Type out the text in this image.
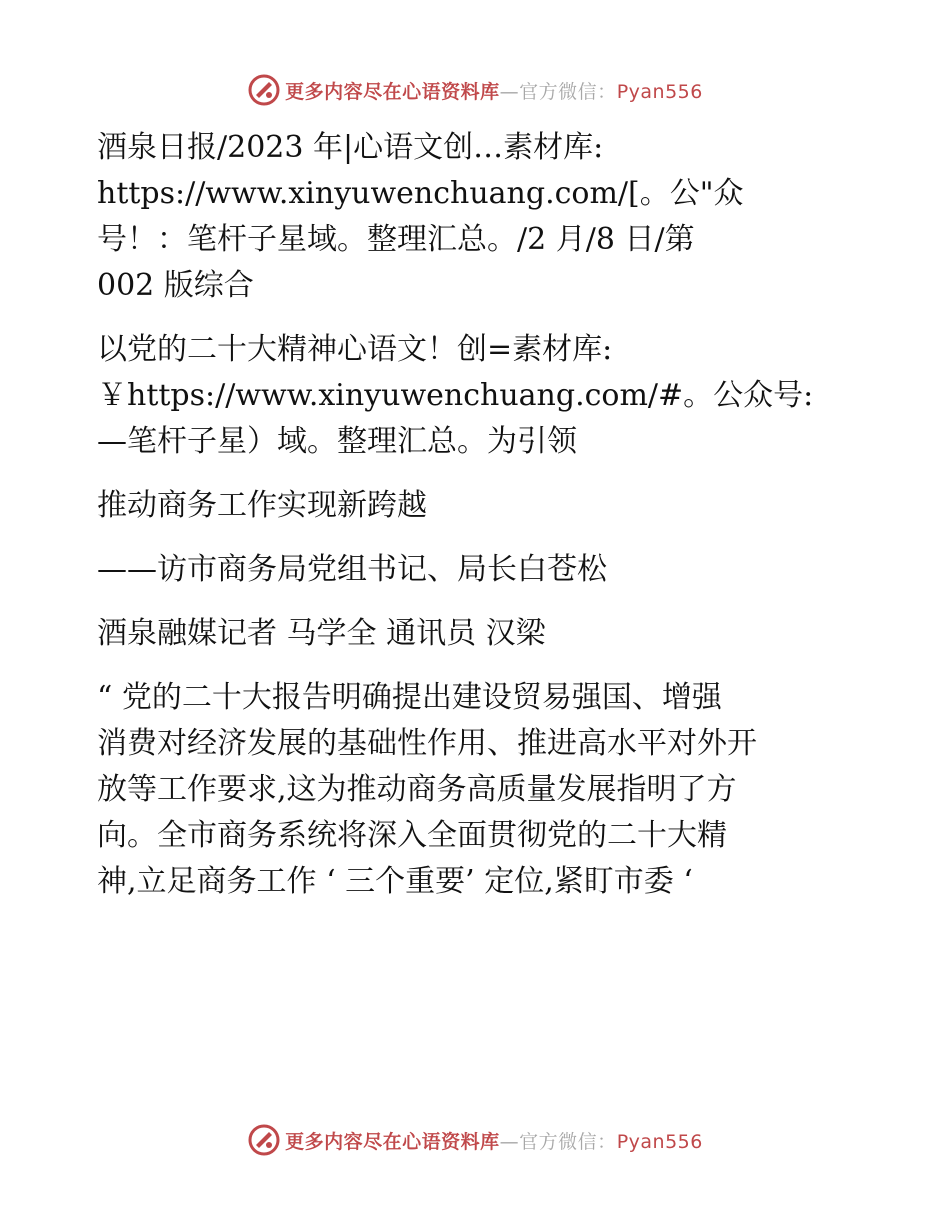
更多内容尽在心语资料库—官方微信：Pyan556

酒泉日报/2023 年|心语文创…素材库:
https://www.xinyuwenchuang.com/[。公"众
号！：笔杆子星域。整理汇总。/2 月/8 日/第
002 版综合

以党的二十大精神心语文！创=素材库:
￥https://www.xinyuwenchuang.com/#。公众号:
—笔杆子星）域。整理汇总。为引领

推动商务工作实现新跨越

——访市商务局党组书记、局长白苍松

酒泉融媒记者 马学全 通讯员 汉梁

“ 党的二十大报告明确提出建设贸易强国、增强
消费对经济发展的基础性作用、推进高水平对外开
放等工作要求,这为推动商务高质量发展指明了方
向。全市商务系统将深入全面贯彻党的二十大精
神,立足商务工作 ‘ 三个重要’ 定位,紧盯市委 ‘

更多内容尽在心语资料库—官方微信：Pyan556
